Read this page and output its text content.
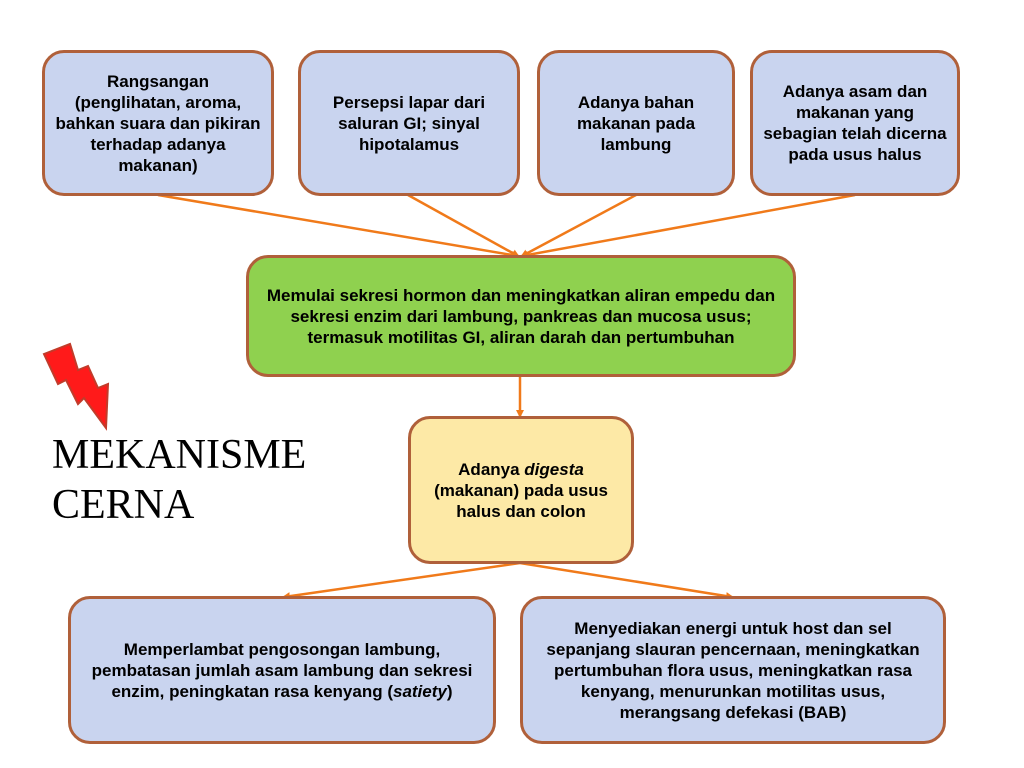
MEKANISME
CERNA
Rangsangan (penglihatan, aroma, bahkan suara dan pikiran terhadap adanya makanan)
Persepsi lapar dari saluran GI; sinyal hipotalamus
Adanya bahan makanan pada lambung
Adanya asam dan makanan yang sebagian telah dicerna pada usus halus
Memulai sekresi hormon dan meningkatkan aliran empedu dan sekresi enzim dari lambung, pankreas dan mucosa usus; termasuk motilitas GI, aliran darah dan pertumbuhan
Adanya digesta (makanan) pada usus halus dan colon
Memperlambat pengosongan lambung, pembatasan jumlah asam lambung dan sekresi enzim, peningkatan rasa kenyang (satiety)
Menyediakan energi untuk host dan sel sepanjang slauran pencernaan, meningkatkan pertumbuhan flora usus, meningkatkan rasa kenyang, menurunkan motilitas usus, merangsang defekasi (BAB)
